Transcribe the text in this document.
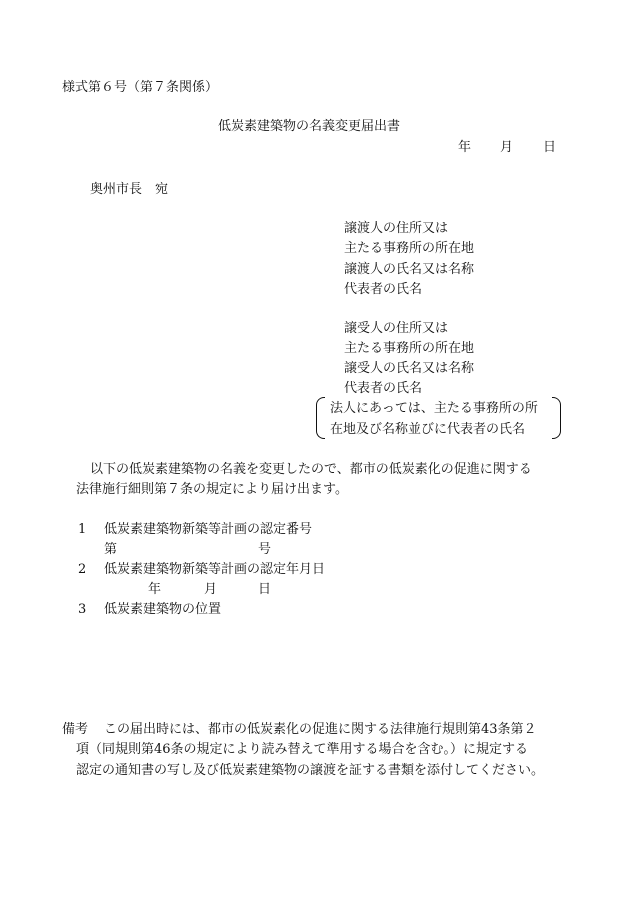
様式第６号（第７条関係）

低炭素建築物の名義変更届出書

年 月 日

奥州市長　宛

譲渡人の住所又は

主たる事務所の所在地

譲渡人の氏名又は名称

代表者の氏名

譲受人の住所又は

主たる事務所の所在地

譲受人の氏名又は名称

代表者の氏名

法人にあっては、主たる事務所の所

在地及び名称並びに代表者の氏名

以下の低炭素建築物の名義を変更したので、都市の低炭素化の促進に関する

法律施行細則第７条の規定により届け出ます。

1 低炭素建築物新築等計画の認定番号

第	号

2 低炭素建築物新築等計画の認定年月日

年	月	日

3 低炭素建築物の位置

備考 この届出時には、都市の低炭素化の促進に関する法律施行規則第43条第２

項（同規則第46条の規定により読み替えて準用する場合を含む。）に規定する

認定の通知書の写し及び低炭素建築物の譲渡を証する書類を添付してください。
